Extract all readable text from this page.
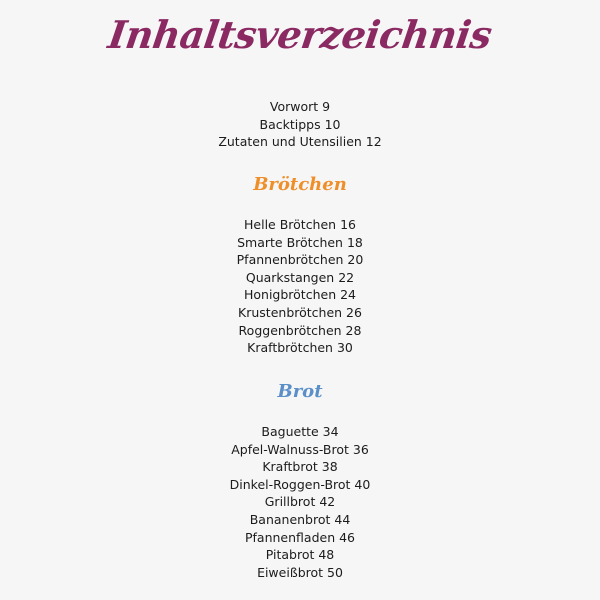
Inhaltsverzeichnis
Vorwort 9
Backtipps 10
Zutaten und Utensilien 12
Brötchen
Helle Brötchen 16
Smarte Brötchen 18
Pfannenbrötchen 20
Quarkstangen 22
Honigbrötchen 24
Krustenbrötchen 26
Roggenbrötchen 28
Kraftbrötchen 30
Brot
Baguette 34
Apfel-Walnuss-Brot 36
Kraftbrot 38
Dinkel-Roggen-Brot 40
Grillbrot 42
Bananenbrot 44
Pfannenfladen 46
Pitabrot 48
Eiweißbrot 50
